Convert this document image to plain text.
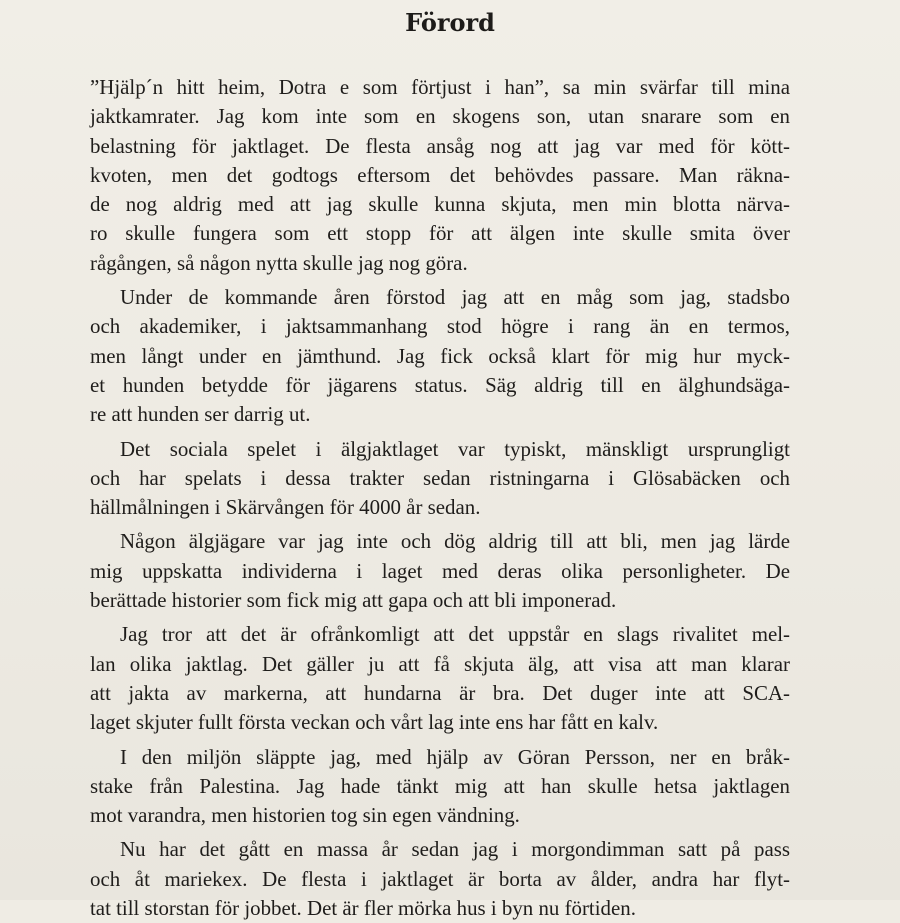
Förord
”Hjälp´n hitt heim, Dotra e som förtjust i han”, sa min svärfar till mina
jaktkamrater. Jag kom inte som en skogens son, utan snarare som en
belastning för jaktlaget. De flesta ansåg nog att jag var med för kött-
kvoten, men det godtogs eftersom det behövdes passare. Man räkna-
de nog aldrig med att jag skulle kunna skjuta, men min blotta närva-
ro skulle fungera som ett stopp för att älgen inte skulle smita över
rågången, så någon nytta skulle jag nog göra.
Under de kommande åren förstod jag att en måg som jag, stadsbo
och akademiker, i jaktsammanhang stod högre i rang än en termos,
men långt under en jämthund. Jag fick också klart för mig hur myck-
et hunden betydde för jägarens status. Säg aldrig till en älghundsäga-
re att hunden ser darrig ut.
Det sociala spelet i älgjaktlaget var typiskt, mänskligt ursprungligt
och har spelats i dessa trakter sedan ristningarna i Glösabäcken och
hällmålningen i Skärvången för 4000 år sedan.
Någon älgjägare var jag inte och dög aldrig till att bli, men jag lärde
mig uppskatta individerna i laget med deras olika personligheter. De
berättade historier som fick mig att gapa och att bli imponerad.
Jag tror att det är ofrånkomligt att det uppstår en slags rivalitet mel-
lan olika jaktlag. Det gäller ju att få skjuta älg, att visa att man klarar
att jakta av markerna, att hundarna är bra. Det duger inte att SCA-
laget skjuter fullt första veckan och vårt lag inte ens har fått en kalv.
I den miljön släppte jag, med hjälp av Göran Persson, ner en bråk-
stake från Palestina. Jag hade tänkt mig att han skulle hetsa jaktlagen
mot varandra, men historien tog sin egen vändning.
Nu har det gått en massa år sedan jag i morgondimman satt på pass
och åt mariekex. De flesta i jaktlaget är borta av ålder, andra har flyt-
tat till storstan för jobbet. Det är fler mörka hus i byn nu förtiden.
